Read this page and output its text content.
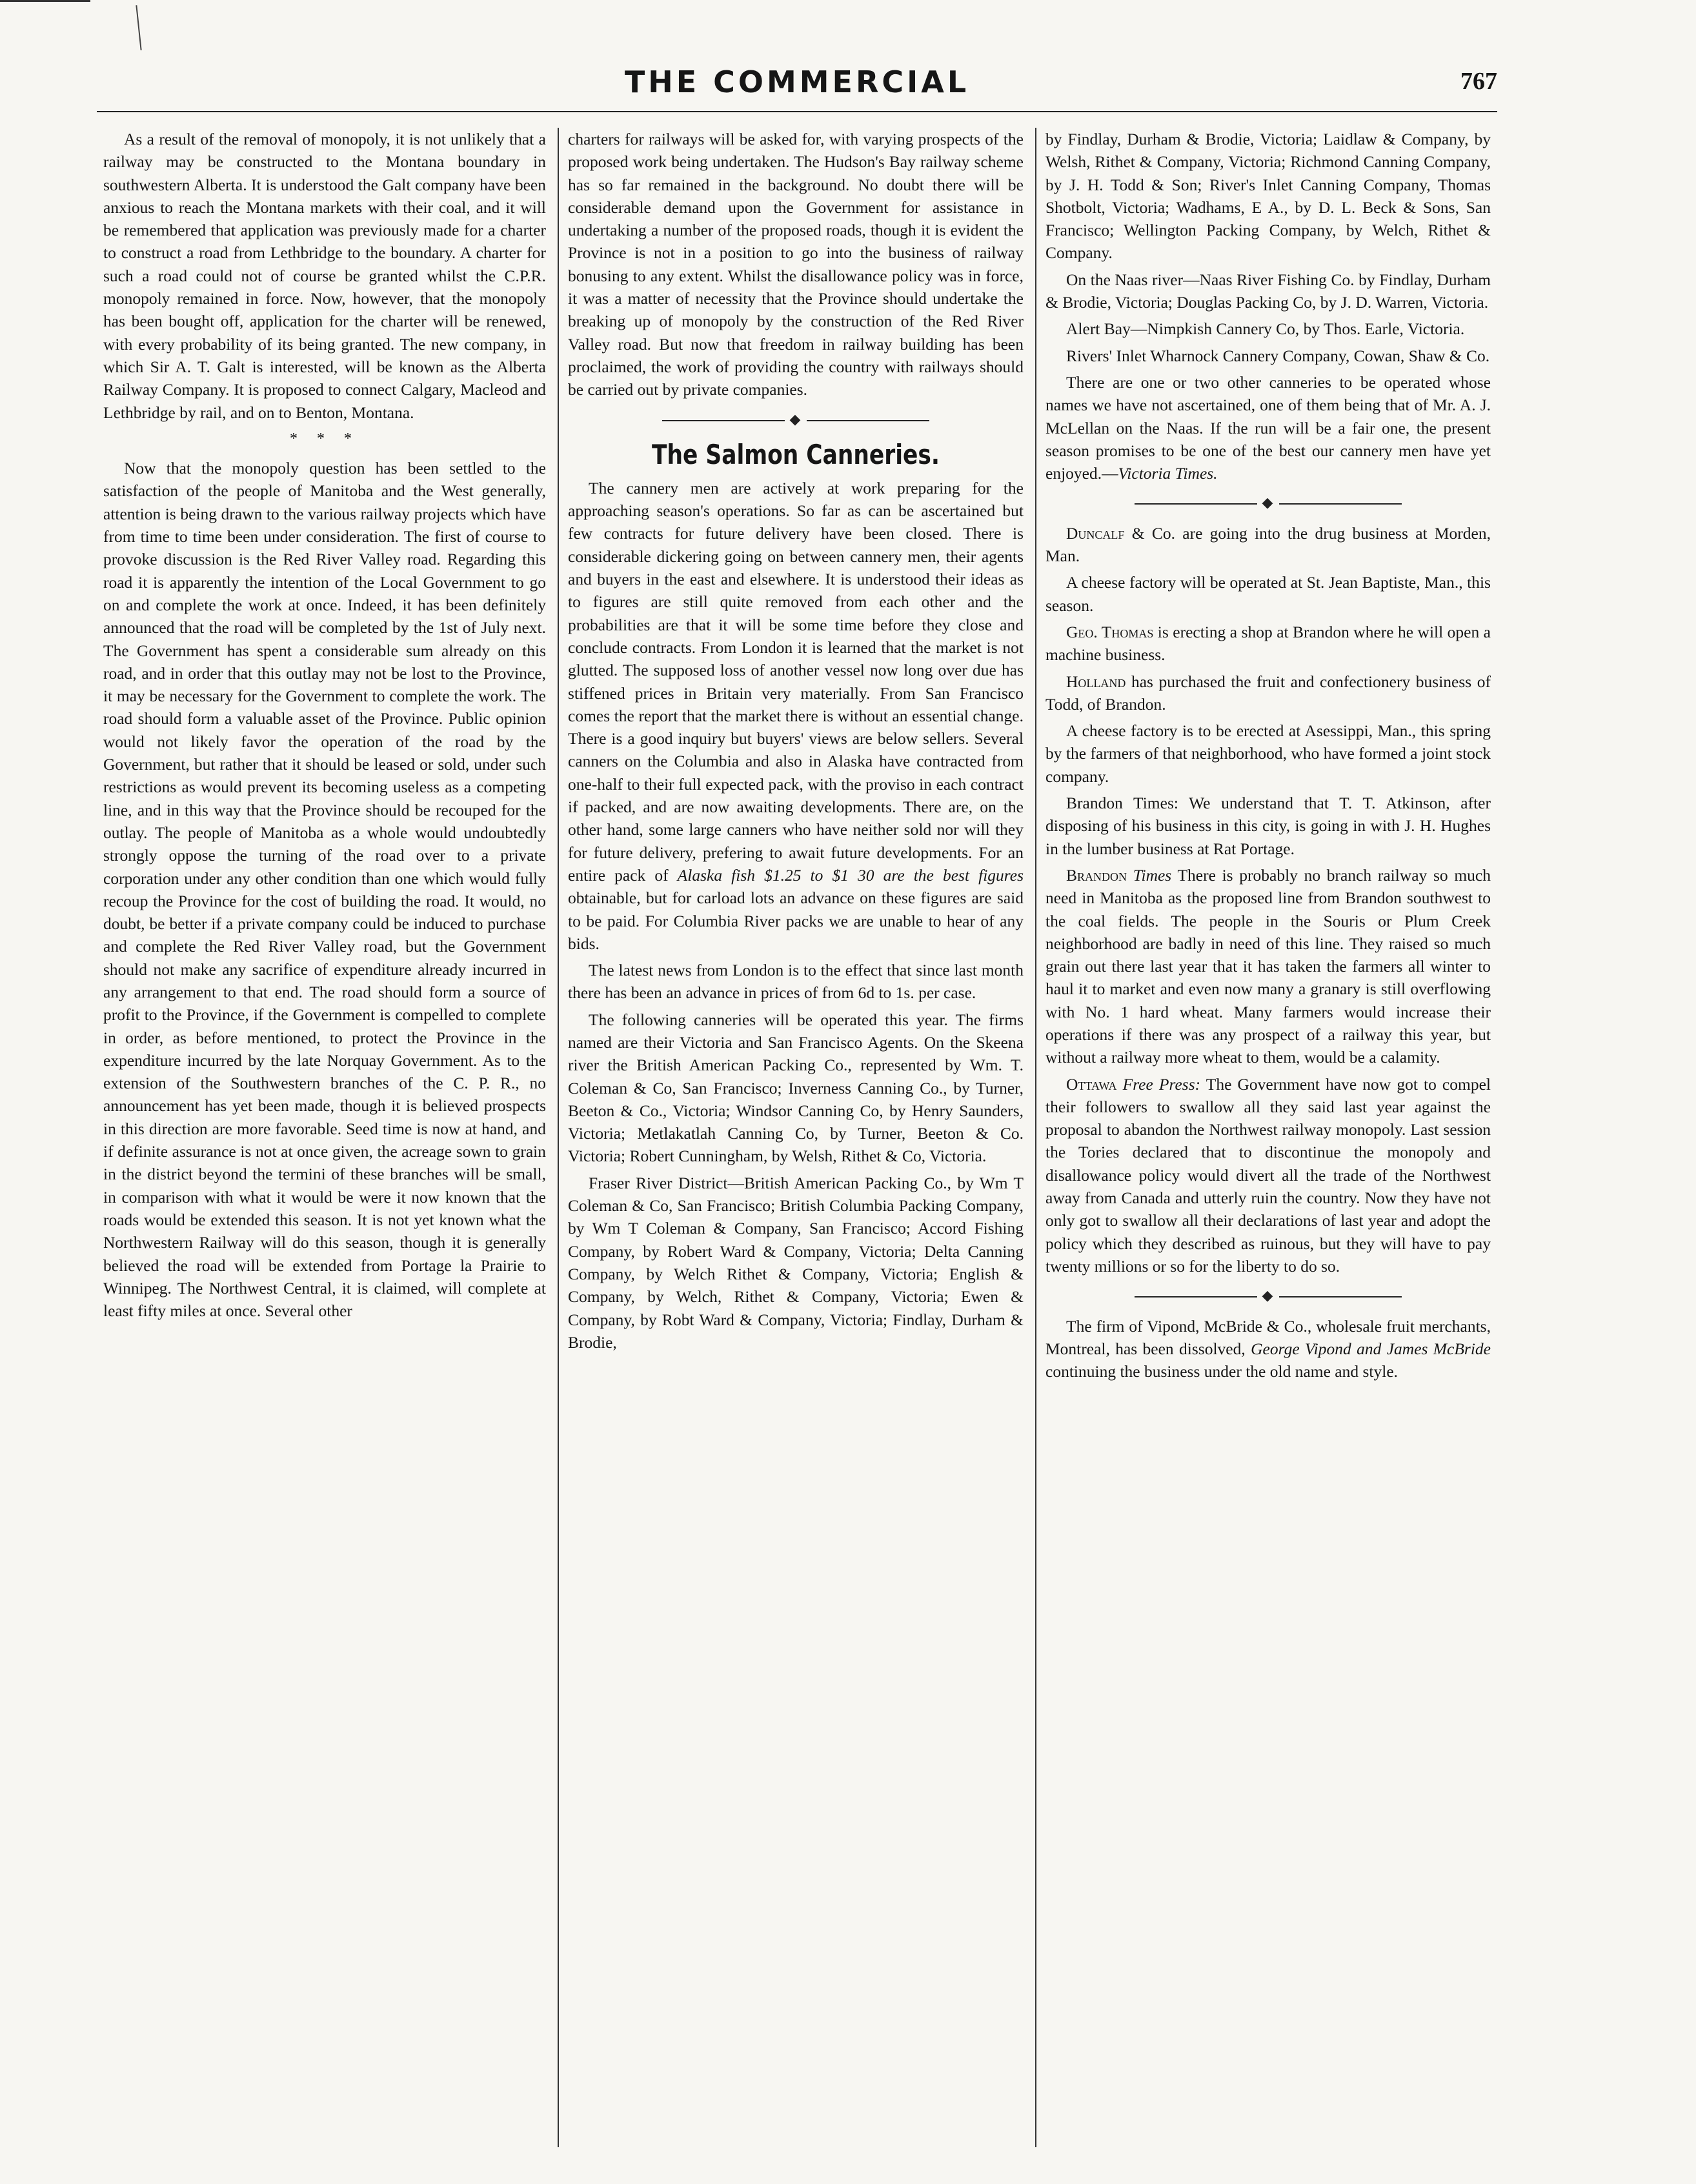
THE COMMERCIAL	767

As a result of the removal of monopoly, it is not unlikely that a railway may be constructed to the Montana boundary in southwestern Alberta. It is understood the Galt company have been anxious to reach the Montana markets with their coal, and it will be remembered that application was previously made for a charter to construct a road from Lethbridge to the boundary. A charter for such a road could not of course be granted whilst the C.P.R. monopoly remained in force. Now, however, that the monopoly has been bought off, application for the charter will be renewed, with every probability of its being granted. The new company, in which Sir A. T. Galt is interested, will be known as the Alberta Railway Company. It is proposed to connect Calgary, Macleod and Lethbridge by rail, and on to Benton, Montana.

* * *

Now that the monopoly question has been settled to the satisfaction of the people of Manitoba and the West generally, attention is being drawn to the various railway projects which have from time to time been under consideration. The first of course to provoke discussion is the Red River Valley road. Regarding this road it is apparently the intention of the Local Government to go on and complete the work at once. Indeed, it has been definitely announced that the road will be completed by the 1st of July next. The Government has spent a considerable sum already on this road, and in order that this outlay may not be lost to the Province, it may be necessary for the Government to complete the work. The road should form a valuable asset of the Province. Public opinion would not likely favor the operation of the road by the Government, but rather that it should be leased or sold, under such restrictions as would prevent its becoming useless as a competing line, and in this way that the Province should be recouped for the outlay. The people of Manitoba as a whole would undoubtedly strongly oppose the turning of the road over to a private corporation under any other condition than one which would fully recoup the Province for the cost of building the road. It would, no doubt, be better if a private company could be induced to purchase and complete the Red River Valley road, but the Government should not make any sacrifice of expenditure already incurred in any arrangement to that end. The road should form a source of profit to the Province, if the Government is compelled to complete in order, as before mentioned, to protect the Province in the expenditure incurred by the late Norquay Government. As to the extension of the Southwestern branches of the C. P. R., no announcement has yet been made, though it is believed prospects in this direction are more favorable. Seed time is now at hand, and if definite assurance is not at once given, the acreage sown to grain in the district beyond the termini of these branches will be small, in comparison with what it would be were it now known that the roads would be extended this season. It is not yet known what the Northwestern Railway will do this season, though it is generally believed the road will be extended from Portage la Prairie to Winnipeg. The Northwest Central, it is claimed, will complete at least fifty miles at once. Several other

charters for railways will be asked for, with varying prospects of the proposed work being undertaken. The Hudson's Bay railway scheme has so far remained in the background. No doubt there will be considerable demand upon the Government for assistance in undertaking a number of the proposed roads, though it is evident the Province is not in a position to go into the business of railway bonusing to any extent. Whilst the disallowance policy was in force, it was a matter of necessity that the Province should undertake the breaking up of monopoly by the construction of the Red River Valley road. But now that freedom in railway building has been proclaimed, the work of providing the country with railways should be carried out by private companies.

◆
The Salmon Canneries.

The cannery men are actively at work preparing for the approaching season's operations. So far as can be ascertained but few contracts for future delivery have been closed. There is considerable dickering going on between cannery men, their agents and buyers in the east and elsewhere. It is understood their ideas as to figures are still quite removed from each other and the probabilities are that it will be some time before they close and conclude contracts. From London it is learned that the market is not glutted. The supposed loss of another vessel now long over due has stiffened prices in Britain very materially. From San Francisco comes the report that the market there is without an essential change. There is a good inquiry but buyers' views are below sellers. Several canners on the Columbia and also in Alaska have contracted from one-half to their full expected pack, with the proviso in each contract if packed, and are now awaiting developments. There are, on the other hand, some large canners who have neither sold nor will they for future delivery, prefering to await future developments. For an entire pack of Alaska fish $1.25 to $1 30 are the best figures obtainable, but for carload lots an advance on these figures are said to be paid. For Columbia River packs we are unable to hear of any bids.

The latest news from London is to the effect that since last month there has been an advance in prices of from 6d to 1s. per case.

The following canneries will be operated this year. The firms named are their Victoria and San Francisco Agents. On the Skeena river the British American Packing Co., represented by Wm. T. Coleman & Co, San Francisco; Inverness Canning Co., by Turner, Beeton & Co., Victoria; Windsor Canning Co, by Henry Saunders, Victoria; Metlakatlah Canning Co, by Turner, Beeton & Co. Victoria; Robert Cunningham, by Welsh, Rithet & Co, Victoria.

Fraser River District—British American Packing Co., by Wm T Coleman & Co, San Francisco; British Columbia Packing Company, by Wm T Coleman & Company, San Francisco; Accord Fishing Company, by Robert Ward & Company, Victoria; Delta Canning Company, by Welch Rithet & Company, Victoria; English & Company, by Welch, Rithet & Company, Victoria; Ewen & Company, by Robt Ward & Company, Victoria; Findlay, Durham & Brodie,

by Findlay, Durham & Brodie, Victoria; Laidlaw & Company, by Welsh, Rithet & Company, Victoria; Richmond Canning Company, by J. H. Todd & Son; River's Inlet Canning Company, Thomas Shotbolt, Victoria; Wadhams, E A., by D. L. Beck & Sons, San Francisco; Wellington Packing Company, by Welch, Rithet & Company.

On the Naas river—Naas River Fishing Co. by Findlay, Durham & Brodie, Victoria; Douglas Packing Co, by J. D. Warren, Victoria.

Alert Bay—Nimpkish Cannery Co, by Thos. Earle, Victoria.

Rivers' Inlet Wharnock Cannery Company, Cowan, Shaw & Co.

There are one or two other canneries to be operated whose names we have not ascertained, one of them being that of Mr. A. J. McLellan on the Naas. If the run will be a fair one, the present season promises to be one of the best our cannery men have yet enjoyed.—Victoria Times.

◆

Duncalf & Co. are going into the drug business at Morden, Man.

A cheese factory will be operated at St. Jean Baptiste, Man., this season.

Geo. Thomas is erecting a shop at Brandon where he will open a machine business.

Holland has purchased the fruit and confectionery business of Todd, of Brandon.

A cheese factory is to be erected at Asessippi, Man., this spring by the farmers of that neighborhood, who have formed a joint stock company.

Brandon Times: We understand that T. T. Atkinson, after disposing of his business in this city, is going in with J. H. Hughes in the lumber business at Rat Portage.

Brandon Times There is probably no branch railway so much need in Manitoba as the proposed line from Brandon southwest to the coal fields. The people in the Souris or Plum Creek neighborhood are badly in need of this line. They raised so much grain out there last year that it has taken the farmers all winter to haul it to market and even now many a granary is still overflowing with No. 1 hard wheat. Many farmers would increase their operations if there was any prospect of a railway this year, but without a railway more wheat to them, would be a calamity.

Ottawa Free Press: The Government have now got to compel their followers to swallow all they said last year against the proposal to abandon the Northwest railway monopoly. Last session the Tories declared that to discontinue the monopoly and disallowance policy would divert all the trade of the Northwest away from Canada and utterly ruin the country. Now they have not only got to swallow all their declarations of last year and adopt the policy which they described as ruinous, but they will have to pay twenty millions or so for the liberty to do so.

◆

The firm of Vipond, McBride & Co., wholesale fruit merchants, Montreal, has been dissolved, George Vipond and James McBride continuing the business under the old name and style.
